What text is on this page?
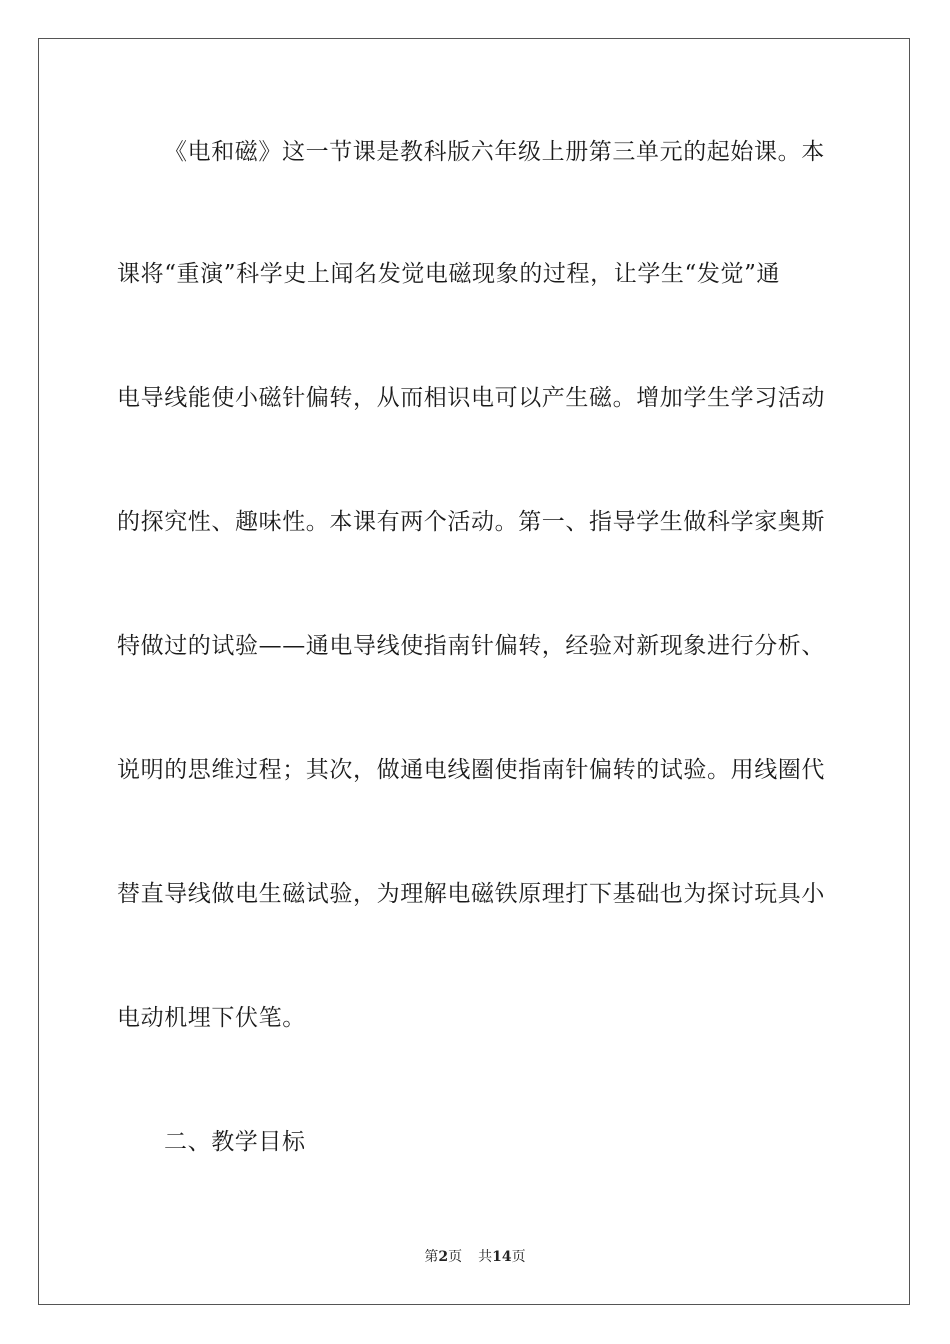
《电和磁》这一节课是教科版六年级上册第三单元的起始课。本
课将“重演”科学史上闻名发觉电磁现象的过程，让学生“发觉”通
电导线能使小磁针偏转，从而相识电可以产生磁。增加学生学习活动
的探究性、趣味性。本课有两个活动。第一、指导学生做科学家奥斯
特做过的试验——通电导线使指南针偏转，经验对新现象进行分析、
说明的思维过程；其次，做通电线圈使指南针偏转的试验。用线圈代
替直导线做电生磁试验，为理解电磁铁原理打下基础也为探讨玩具小
电动机埋下伏笔。
二、教学目标
第2页 共14页
